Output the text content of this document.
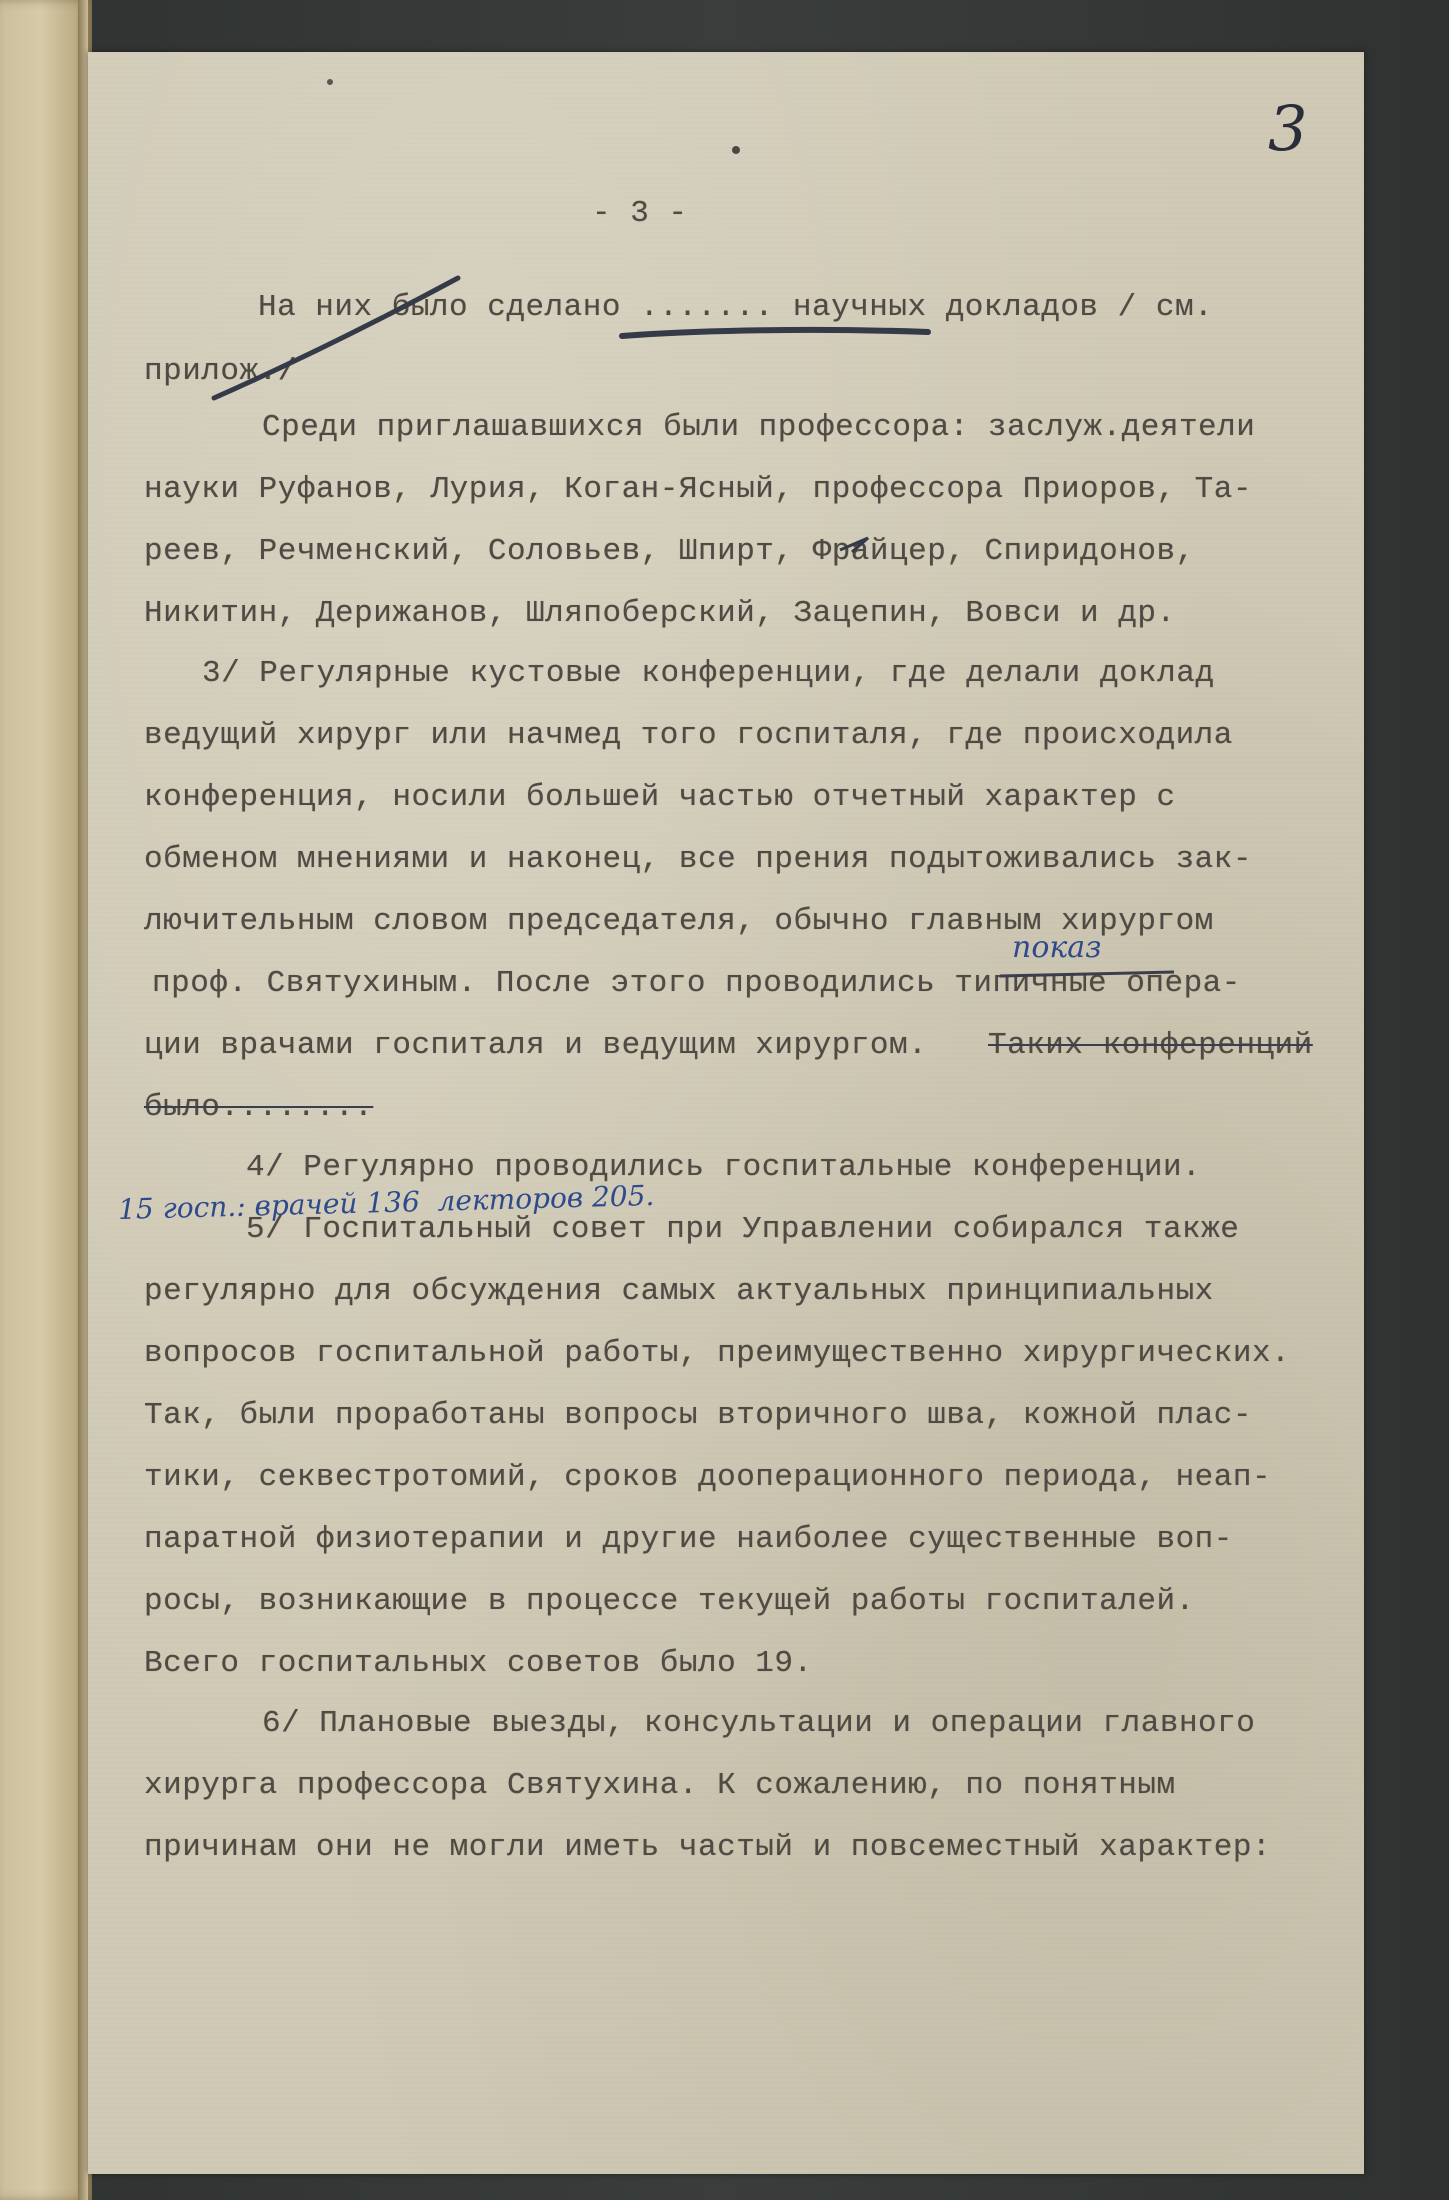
3
- 3 -
На них было сделано ....... научных докладов / см.
прилож./
Среди приглашавшихся были профессора: заслуж.деятели
науки Руфанов, Лурия, Коган-Ясный, профессора Приоров, Та-
реев, Речменский, Соловьев, Шпирт, Фрайцер, Спиридонов,
Никитин, Дерижанов, Шляпоберский, Зацепин, Вовси и др.
3/ Регулярные кустовые конференции, где делали доклад
ведущий хирург или начмед того госпиталя, где происходила
конференция, носили большей частью отчетный характер с
обменом мнениями и наконец, все прения подытоживались зак-
лючительным словом председателя, обычно главным хирургом
проф. Святухиным. После этого проводились типичные опера-
ции врачами госпиталя и ведущим хирургом. Таких конференций
было........
показ
4/ Регулярно проводились госпитальные конференции.
15 госп.: врачей 136  лекторов 205.
5/ Госпитальный совет при Управлении собирался также
регулярно для обсуждения самых актуальных принципиальных
вопросов госпитальной работы, преимущественно хирургических.
Так, были проработаны вопросы вторичного шва, кожной плас-
тики, секвестротомий, сроков дооперационного периода, неап-
паратной физиотерапии и другие наиболее существенные воп-
росы, возникающие в процессе текущей работы госпиталей.
Всего госпитальных советов было 19.
6/ Плановые выезды, консультации и операции главного
хирурга профессора Святухина. К сожалению, по понятным
причинам они не могли иметь частый и повсеместный характер:
